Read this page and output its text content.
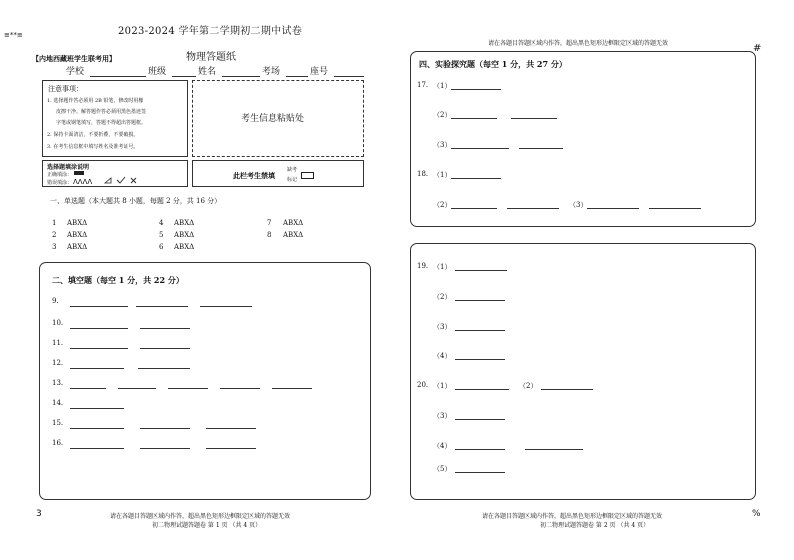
≡**≡
#
3	%
2023-2024 学年第二学期初二期中试卷
请在各题目答题区域内作答，超出黑色矩形边框限定区域的答题无效
【内地西藏班学生联考用】	物理答题纸
学校	班级	姓名	考场	座号
注意事项：
1. 选择题作答必须用 2B 铅笔，修改时用橡
皮擦干净。解答题作答必须用黑色墨迹签
字笔或钢笔填写，答题不得超出答题框。
2. 保持卡面清洁，不要折叠，不要破损。
3. 在考生信息框中填写姓名及准考证号。
考生信息粘贴处
选择题填涂说明
正确填涂：
错误填涂： ΛΛΛΛ
此栏考生禁填
缺考
标记
一、单选题（本大题共 8 小题，每题 2 分，共 16 分）
1 ABXΔ
2 ABXΔ
3 ABXΔ
4 ABXΔ
5 ABXΔ
6 ABXΔ
7 ABXΔ
8 ABXΔ
二、填空题（每空 1 分，共 22 分）
9.
10.
11.
12.
13.
14.
15.
16.
请在各题目答题区域内作答，超出黑色矩形边框限定区域的答题无效
初二物理试题答题卷 第 1 页 （共 4 页）
四、实验探究题（每空 1 分，共 27 分）
17. （1）
（2）
（3）
18. （1）
（2）	（3）
19. （1）
（2）
（3）
（4）
20. （1）	（2）
（3）
（4）
（5）
请在各题目答题区域内作答，超出黑色矩形边框限定区域的答题无效
初二物理试题答题卷 第 2 页 （共 4 页）
